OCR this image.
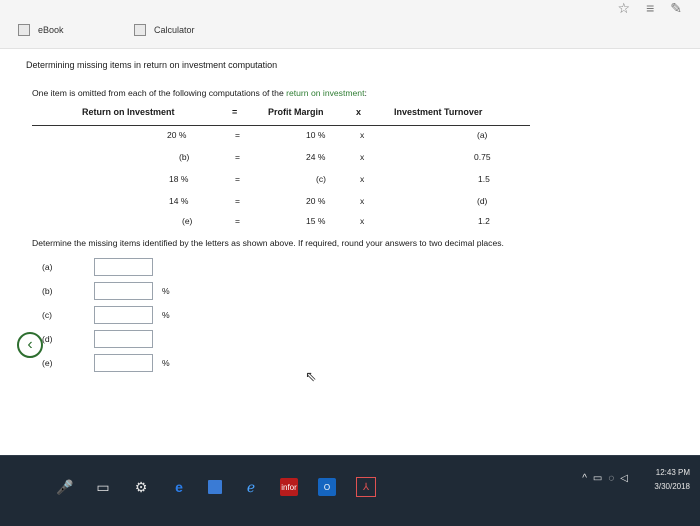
eBook	Calculator
☆ ≡ ✎
Determining missing items in return on investment computation
One item is omitted from each of the following computations of the return on investment:
Return on Investment	=	Profit Margin	x	Investment Turnover
20 %	=	10 %	x	(a)
(b)	=	24 %	x	0.75
18 %	=	(c)	x	1.5
14 %	=	20 %	x	(d)
(e)	=	15 %	x	1.2
Determine the missing items identified by the letters as shown above. If required, round your answers to two decimal places.
(a)
(b)	%
(c)	%
(d)
(e)	%
‹
⇖
🎤 ▭ ⚙	e	ℯ	infor	O	⅄
^ ▭ ◌ ◁
12:43 PM
3/30/2018
